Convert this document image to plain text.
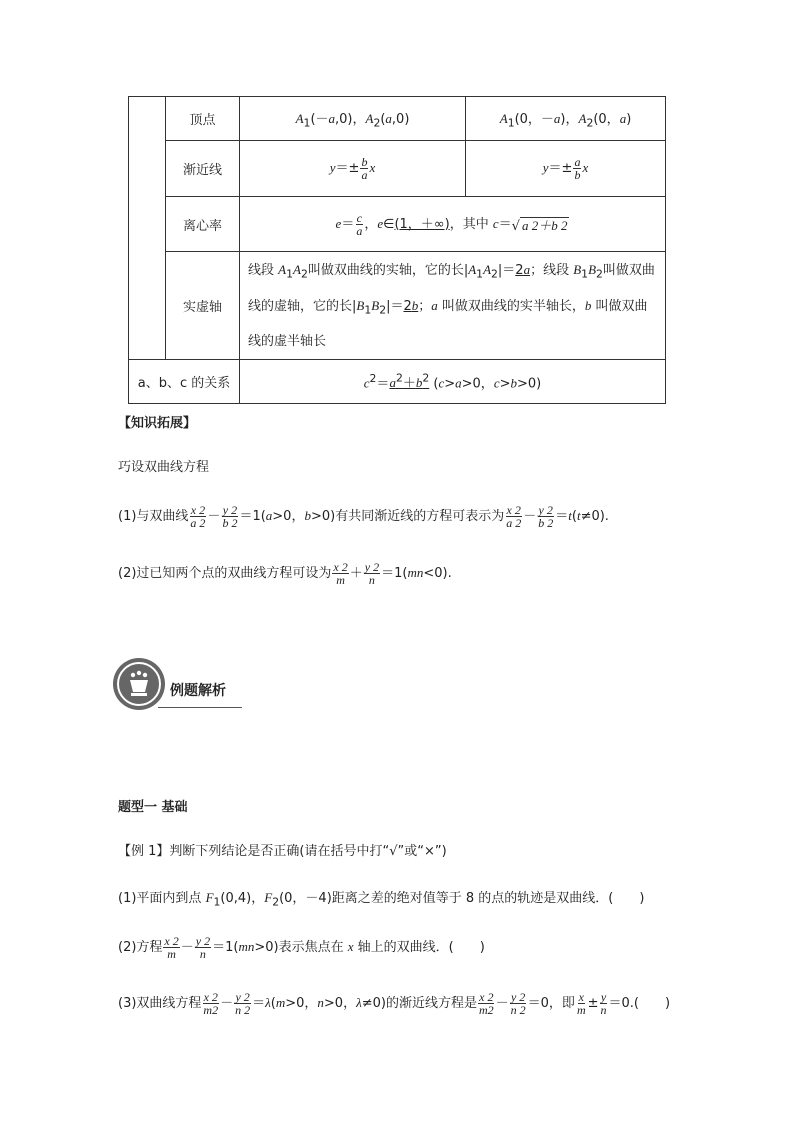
	顶点	$A_1(-a,0)$，$A_2(a,0)$	$A_1(0$，－a)，$A_2(0$，a)
	渐近线	$y=\pm \frac{b}{a}$ x	$y=\pm \frac{a}{b}$ x
	离心率	$e= \frac{c}{a}$ ，e∈(1，＋∞)，其中 c＝√ a 2＋b 2	
	实虚轴	线段 $A_1A_2$叫做双曲线的实轴，它的长$|A_1A_2|=2a$；线段 $B_1B_2$叫做双曲线的虚轴，它的长$|B_1B_2|=2b$；a 叫做双曲线的实半轴长，b 叫做双曲线的虚半轴长	
a、b、c 的关系		$c^2=a^2+b^2$ (c>a>0，c>b>0)	
【知识拓展】
巧设双曲线方程
(1)与双曲线 $\frac{x 2}{a 2} - \frac{y 2}{b 2} =1(a>0$，b>0)有共同渐近线的方程可表示为 $\frac{x 2}{a 2} - \frac{y 2}{b 2} =t(t\ne 0)$.
(2)过已知两个点的双曲线方程可设为 $\frac{x 2}{m} + \frac{y 2}{n} =1(mn<0)$.
例题解析
题型一 基础
【例 1】判断下列结论是否正确(请在括号中打“√”或“×”)
(1)平面内到点 $F_1(0,4)$，$F_2(0$，－4)距离之差的绝对值等于 8 的点的轨迹是双曲线．(　　)
(2)方程 $\frac{x 2}{m} - \frac{y 2}{n} =1(mn>0)$表示焦点在 x 轴上的双曲线．(　　)
(3)双曲线方程 $\frac{x 2}{m2} - \frac{y 2}{n 2} =\lambda(m>0$，n>0，λ≠0)的渐近线方程是 $\frac{x 2}{m2} - \frac{y 2}{n 2} =0$，即 $\frac{x}{m} \pm \frac{y}{n} =0$.(　　)
